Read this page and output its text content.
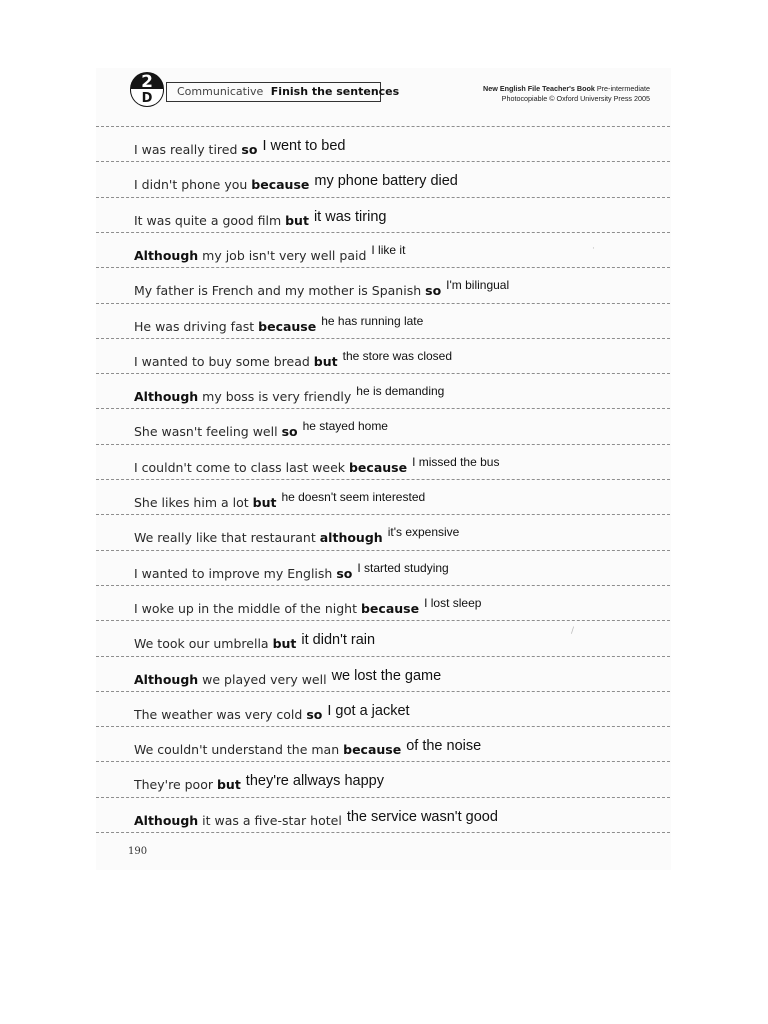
2
D	Communicative Finish the sentences	New English File Teacher's Book Pre-intermediate
Photocopiable © Oxford University Press 2005
I was really tired so I went to bed
I didn't phone you because my phone battery died
It was quite a good film but it was tiring
Although my job isn't very well paid I like it
My father is French and my mother is Spanish so I'm bilingual
He was driving fast because he has running late
I wanted to buy some bread but the store was closed
Although my boss is very friendly he is demanding
She wasn't feeling well so he stayed home
I couldn't come to class last week because I missed the bus
She likes him a lot but he doesn't seem interested
We really like that restaurant although it's expensive
I wanted to improve my English so I started studying
I woke up in the middle of the night because I lost sleep
We took our umbrella but it didn't rain
Although we played very well we lost the game
The weather was very cold so I got a jacket
We couldn't understand the man because of the noise
They're poor but they're allways happy
Although it was a five-star hotel the service wasn't good
190
·
/
